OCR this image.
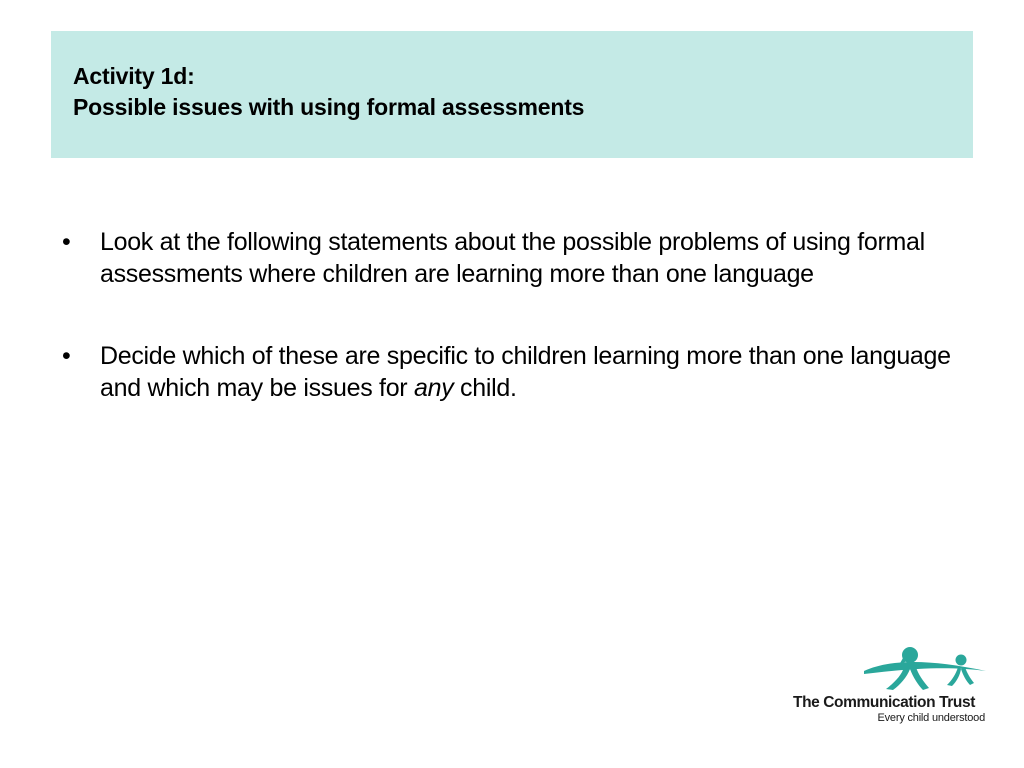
Activity 1d:
Possible issues with using formal assessments
• Look at the following statements about the possible problems of using formal assessments where children are learning more than one language
• Decide which of these are specific to children learning more than one language and which may be issues for any child.
The Communication Trust
Every child understood
